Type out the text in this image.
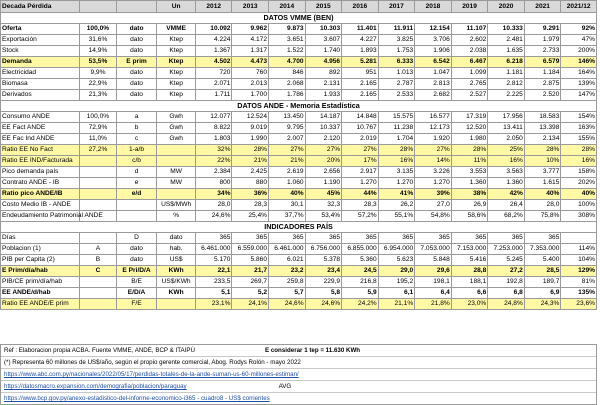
Decada Pérdida			Un	2012	2013	2014	2015	2016	2017	2018	2019	2020	2021	2021/12
DATOS VMME (BEN)														
Oferta	100,0%	dato	VMME	10.092	9.962	9.873	10.303	11.401	11.911	12.154	11.107	10.333	9.291	92%
Exportación	31,6%	dato	Ktep	4.224	4.172	3.651	3.607	4.227	3.825	3.706	2.602	2.481	1.979	47%
Stock	14,9%	dato	Ktep	1.367	1.317	1.522	1.740	1.893	1.753	1.906	2.038	1.635	2.733	200%
Demanda	53,5%	E prim	Ktep	4.502	4.473	4.700	4.956	5.281	6.333	6.542	6.467	6.218	6.579	146%
Electricidad	9,9%	dato	Ktep	720	760	846	892	951	1.013	1.047	1.099	1.181	1.184	164%
Biomasa	22,9%	dato	Ktep	2.071	2.013	2.068	2.131	2.165	2.787	2.813	2.765	2.812	2.875	139%
Derivados	21,3%	dato	Ktep	1.711	1.700	1.786	1.933	2.165	2.533	2.682	2.527	2.225	2.520	147%
DATOS ANDE - Memoria Estadística														
Consumo ANDE	100,0%	a	Gwh	12.077	12.524	13.450	14.187	14.848	15.575	16.577	17.319	17.956	18.583	154%
EE Fact ANDE	72,9%	b	Gwh	8.822	9.019	9.795	10.337	10.767	11.238	12.173	12.520	13.411	13.398	163%
EE Fac Ind ANDE	11,0%	c	Gwh	1.803	1.990	2.007	2.120	2.019	1.704	1.920	1.980	2.050	2.134	155%
Ratio EE No Fact	27,2%	1-a/b		32%	28%	27%	27%	27%	28%	27%	28%	25%	28%	28%
Ratio EE IND/Facturada		c/b		22%	21%	21%	20%	17%	16%	14%	11%	16%	10%	16%
Pico demanda país		d	MW	2.384	2.425	2.619	2.656	2.917	3.135	3.226	3.553	3.563	3.777	158%
Contrato ANDE - IB		e	MW	800	880	1.060	1.190	1.270	1.270	1.270	1.360	1.360	1.615	202%
Ratio pico ANDE/IB		e/d		34%	36%	40%	45%	44%	41%	39%	38%	42%	40%	40%
Costo Medio IB - ANDE			US$/MWh	28,0	28,3	30,1	32,3	28,3	26,2	27,0	26,9	26,4	28,0	100%
Endeudamiento Patrimonial ANDE			%	24,6%	25,4%	37,7%	53,4%	57,2%	55,1%	54,8%	58,6%	68,2%	75,8%	308%
INDICADORES PAÍS														
Días		D	dato	365	365	365	365	365	365	365	365	365	365	
Poblacion (1)	A	dato	hab.	6.461.000	6.559.000	6.461.000	6.756.000	6.855.000	6.954.000	7.053.000	7.153.000	7.253.000	7.353.000	114%
PIB per Capita (2)	B	dato	US$	5.170	5.860	6.021	5.378	5.360	5.623	5.848	5.416	5.245	5.400	104%
E Prim/día/hab	C	E Pri/D/A	KWh	22,1	21,7	23,2	23,4	24,5	29,0	29,6	28,8	27,2	28,5	129%
PIB/CE prim/día/hab		B/E	US$/KWh	233,5	269,7	259,8	229,9	216,8	195,2	198,1	188,1	192,8	189,7	81%
EE ANDE/d/hab		E/D/A	KWh	5,1	5,2	5,7	5,8	5,9	6,1	6,4	6,6	6,8	6,9	135%
Ratio EE ANDE/E prim		F/E		23,1%	24,1%	24,6%	24,6%	24,2%	21,1%	21,8%	23,0%	24,8%	24,3%	23,6%
Ref : Elaboracion propia ACBA. Fuente VMME, ANDE, BCP & ITAIPÚ	E considerar 1 tep = 11.630 KWh
(*) Representa 60 millones de US$/año, según el propio gerente comercial, Abog. Rodys Rolón - mayo 2022
https://www.abc.com.py/nacionales/2022/05/17/perdidas-totales-de-la-ande-suman-us-60-millones-estiman/
https://datosmacro.expansion.com/demografia/poblacion/paraguay	AVG
https://www.bcp.gov.py/anexo-estadistico-del-informe-economico-i365 - cuadro8 - US$ corrientes
